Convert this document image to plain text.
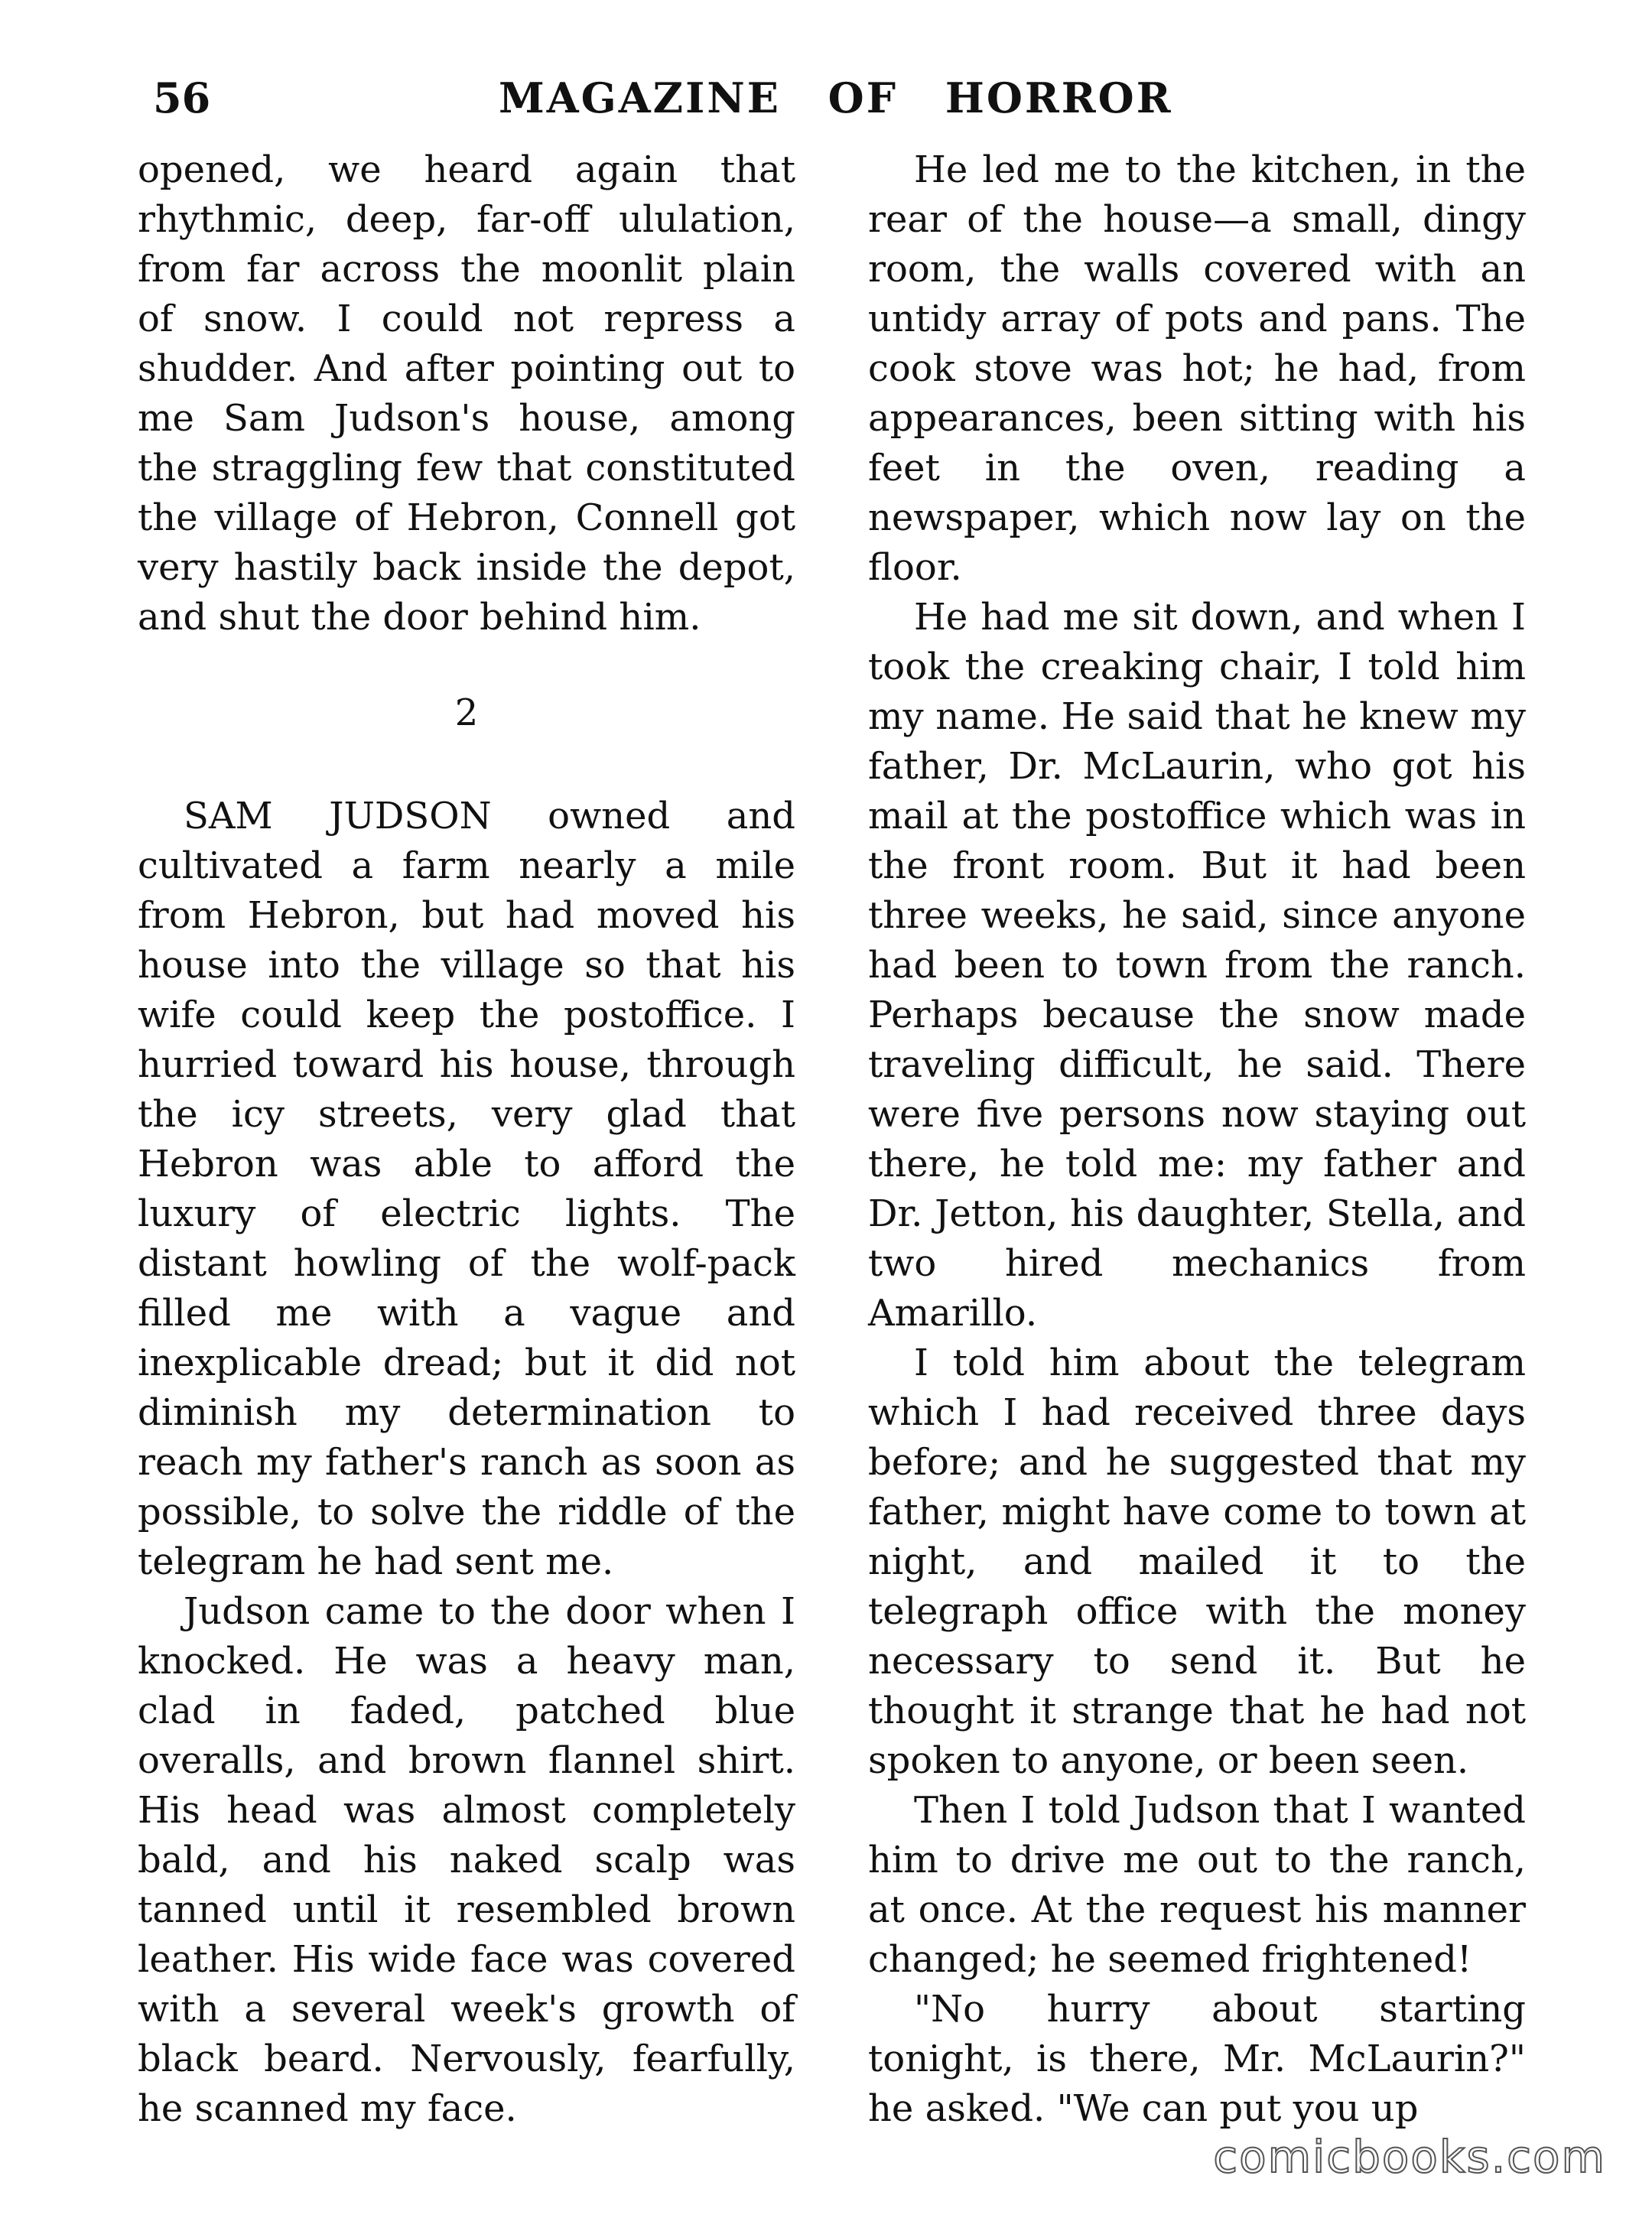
56	MAGAZINE OF HORROR

opened, we heard again that rhythmic, deep, far-off ululation, from far across the moonlit plain of snow. I could not repress a shudder. And after pointing out to me Sam Judson's house, among the straggling few that constituted the village of Hebron, Connell got very hastily back inside the depot, and shut the door behind him.

2

SAM JUDSON owned and cultivated a farm nearly a mile from Hebron, but had moved his house into the village so that his wife could keep the postoffice. I hurried toward his house, through the icy streets, very glad that Hebron was able to afford the luxury of electric lights. The distant howling of the wolf-pack filled me with a vague and inexplicable dread; but it did not diminish my determination to reach my father's ranch as soon as possible, to solve the riddle of the telegram he had sent me.

Judson came to the door when I knocked. He was a heavy man, clad in faded, patched blue overalls, and brown flannel shirt. His head was almost completely bald, and his naked scalp was tanned until it resembled brown leather. His wide face was covered with a several week's growth of black beard. Nervously, fearfully, he scanned my face.

He led me to the kitchen, in the rear of the house—a small, dingy room, the walls covered with an untidy array of pots and pans. The cook stove was hot; he had, from appearances, been sitting with his feet in the oven, reading a newspaper, which now lay on the floor.

He had me sit down, and when I took the creaking chair, I told him my name. He said that he knew my father, Dr. McLaurin, who got his mail at the postoffice which was in the front room. But it had been three weeks, he said, since anyone had been to town from the ranch. Perhaps because the snow made traveling difficult, he said. There were five persons now staying out there, he told me: my father and Dr. Jetton, his daughter, Stella, and two hired mechanics from Amarillo.

I told him about the telegram which I had received three days before; and he suggested that my father, might have come to town at night, and mailed it to the telegraph office with the money necessary to send it. But he thought it strange that he had not spoken to anyone, or been seen.

Then I told Judson that I wanted him to drive me out to the ranch, at once. At the request his manner changed; he seemed frightened!

"No hurry about starting tonight, is there, Mr. McLaurin?" he asked. "We can put you up

comicbooks.com
